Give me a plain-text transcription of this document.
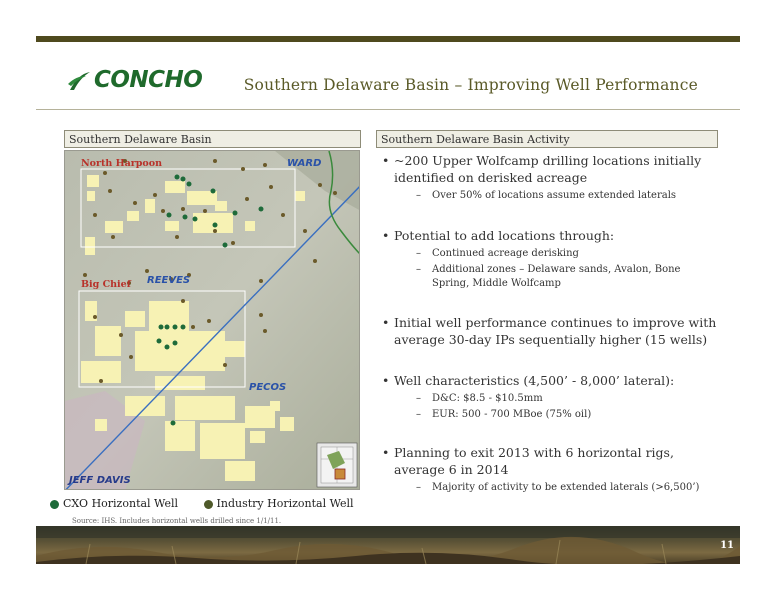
CONCHO	Southern Delaware Basin – Improving Well Performance
Southern Delaware Basin	Southern Delaware Basin Activity
North Harpoon	WARD
Big Chief REEVES
PECOS
JEFF DAVIS
CXO Horizontal Well	Industry Horizontal Well
Source: IHS. Includes horizontal wells drilled since 1/1/11.
• ~200 Upper Wolfcamp drilling locations initially identified on derisked acreage
–	Over 50% of locations assume extended laterals
• Potential to add locations through:
–	Continued acreage derisking
–	Additional zones – Delaware sands, Avalon, Bone Spring, Middle Wolfcamp
• Initial well performance continues to improve with average 30-day IPs sequentially higher (15 wells)
• Well characteristics (4,500’ - 8,000’ lateral):
–	D&C: $8.5 - $10.5mm
–	EUR: 500 - 700 MBoe (75% oil)
• Planning to exit 2013 with 6 horizontal rigs, average 6 in 2014
–	Majority of activity to be extended laterals (>6,500’)
11
